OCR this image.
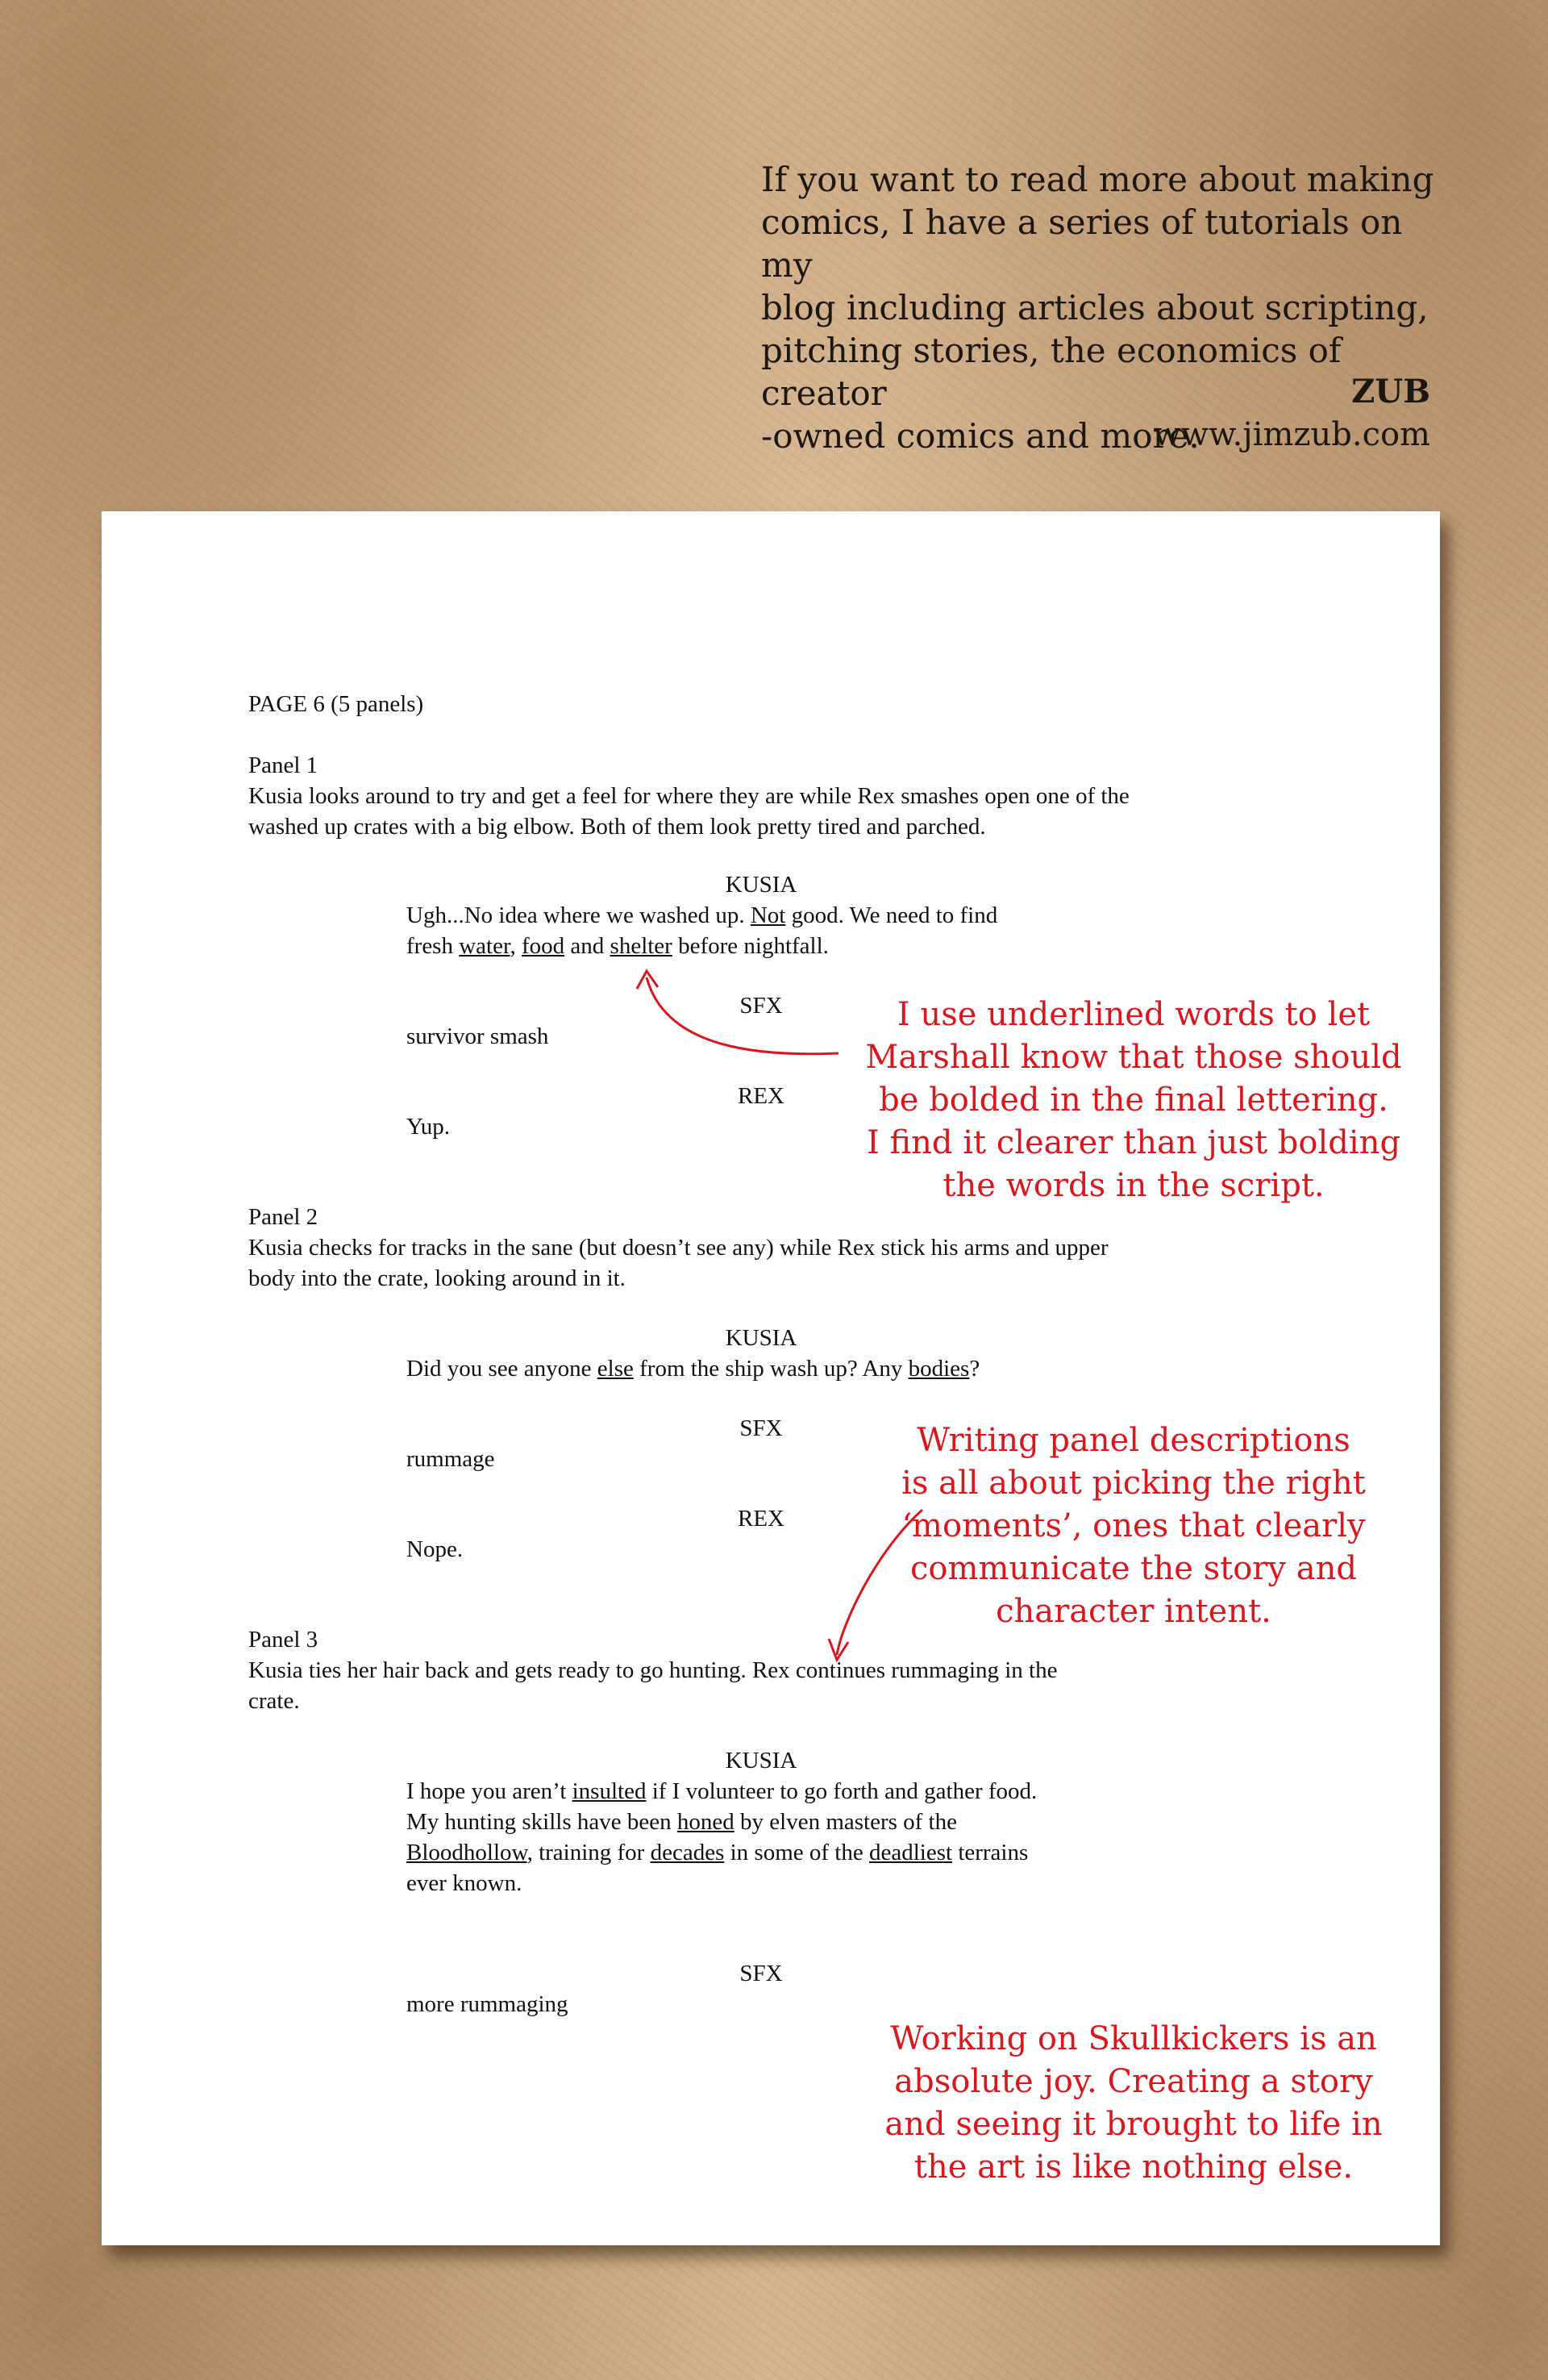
If you want to read more about making
comics, I have a series of tutorials on my
blog including articles about scripting,
pitching stories, the economics of creator
-owned comics and more.
ZUB
www.jimzub.com
PAGE 6 (5 panels)
Panel 1
Kusia looks around to try and get a feel for where they are while Rex smashes open one of the
washed up crates with a big elbow. Both of them look pretty tired and parched.
KUSIA
Ugh...No idea where we washed up. Not good. We need to find
fresh water, food and shelter before nightfall.
SFX
survivor smash
REX
Yup.
Panel 2
Kusia checks for tracks in the sane (but doesn’t see any) while Rex stick his arms and upper
body into the crate, looking around in it.
KUSIA
Did you see anyone else from the ship wash up? Any bodies?
SFX
rummage
REX
Nope.
Panel 3
Kusia ties her hair back and gets ready to go hunting. Rex continues rummaging in the
crate.
KUSIA
I hope you aren’t insulted if I volunteer to go forth and gather food.
My hunting skills have been honed by elven masters of the
Bloodhollow, training for decades in some of the deadliest terrains
ever known.
SFX
more rummaging
I use underlined words to let
Marshall know that those should
be bolded in the final lettering.
I find it clearer than just bolding
the words in the script.
Writing panel descriptions
is all about picking the right
‘moments’, ones that clearly
communicate the story and
character intent.
Working on Skullkickers is an
absolute joy. Creating a story
and seeing it brought to life in
the art is like nothing else.
